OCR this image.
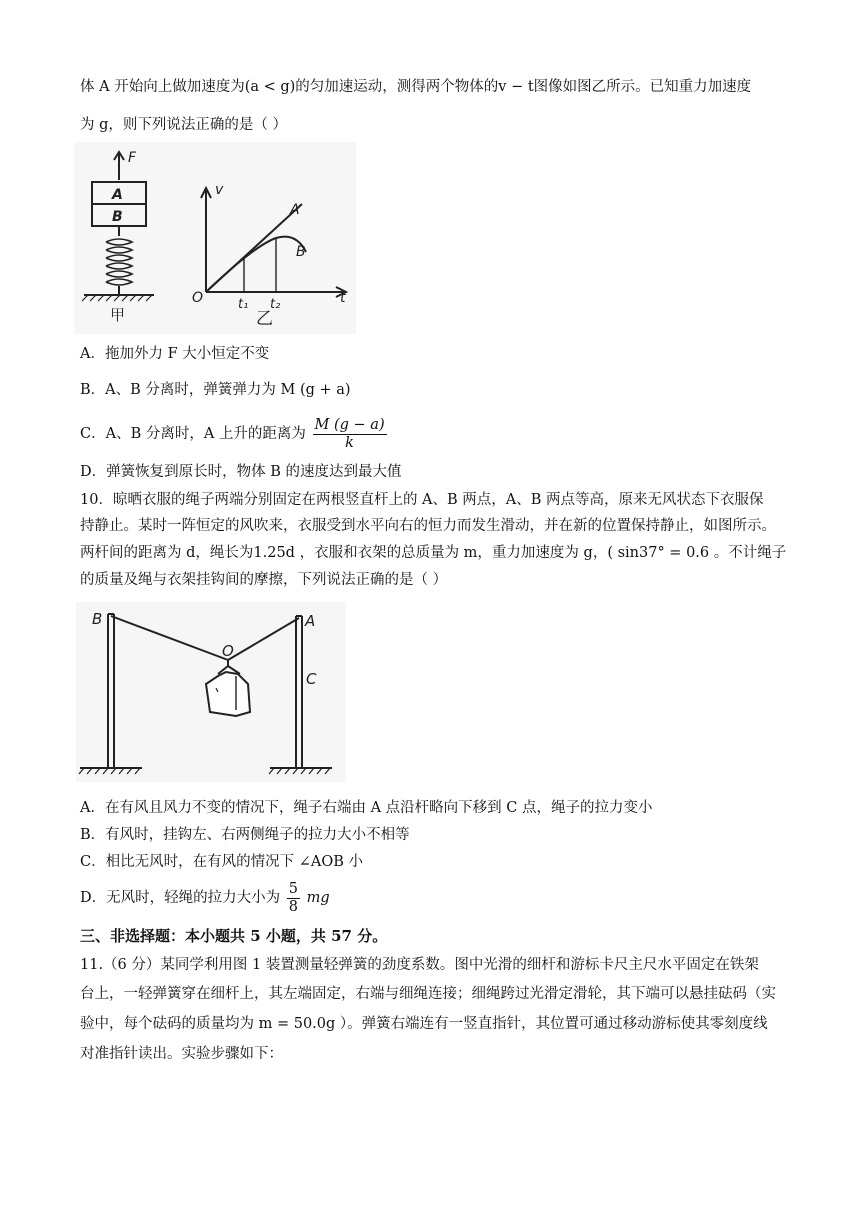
体 A 开始向上做加速度为(a < g)的匀加速运动，测得两个物体的v − t图像如图乙所示。已知重力加速度
为 g，则下列说法正确的是（ ）
F
A
B
甲
v
O	t
t₁ t₂
A
B
乙
A．拖加外力 F 大小恒定不变
B．A、B 分离时，弹簧弹力为 M (g + a)
C．A、B 分离时，A 上升的距离为 $\frac{M (g - a)}{k}$
D．弹簧恢复到原长时，物体 B 的速度达到最大值
10．晾晒衣服的绳子两端分别固定在两根竖直杆上的 A、B 两点，A、B 两点等高，原来无风状态下衣服保
持静止。某时一阵恒定的风吹来，衣服受到水平向右的恒力而发生滑动，并在新的位置保持静止，如图所示。
两杆间的距离为 d，绳长为1.25d ，衣服和衣架的总质量为 m，重力加速度为 g，( sin37° = 0.6 。不计绳子
的质量及绳与衣架挂钩间的摩擦，下列说法正确的是（ ）
B	A
O
C
A．在有风且风力不变的情况下，绳子右端由 A 点沿杆略向下移到 C 点，绳子的拉力变小
B．有风时，挂钩左、右两侧绳子的拉力大小不相等
C．相比无风时，在有风的情况下 ∠AOB 小
D．无风时，轻绳的拉力大小为 $\frac{5}{8}$ mg
三、非选择题：本小题共 5 小题，共 57 分。
11.（6 分）某同学利用图 1 装置测量轻弹簧的劲度系数。图中光滑的细杆和游标卡尺主尺水平固定在铁架
台上，一轻弹簧穿在细杆上，其左端固定，右端与细绳连接；细绳跨过光滑定滑轮，其下端可以悬挂砝码（实
验中，每个砝码的质量均为 m = 50.0g ）。弹簧右端连有一竖直指针，其位置可通过移动游标使其零刻度线
对准指针读出。实验步骤如下：
